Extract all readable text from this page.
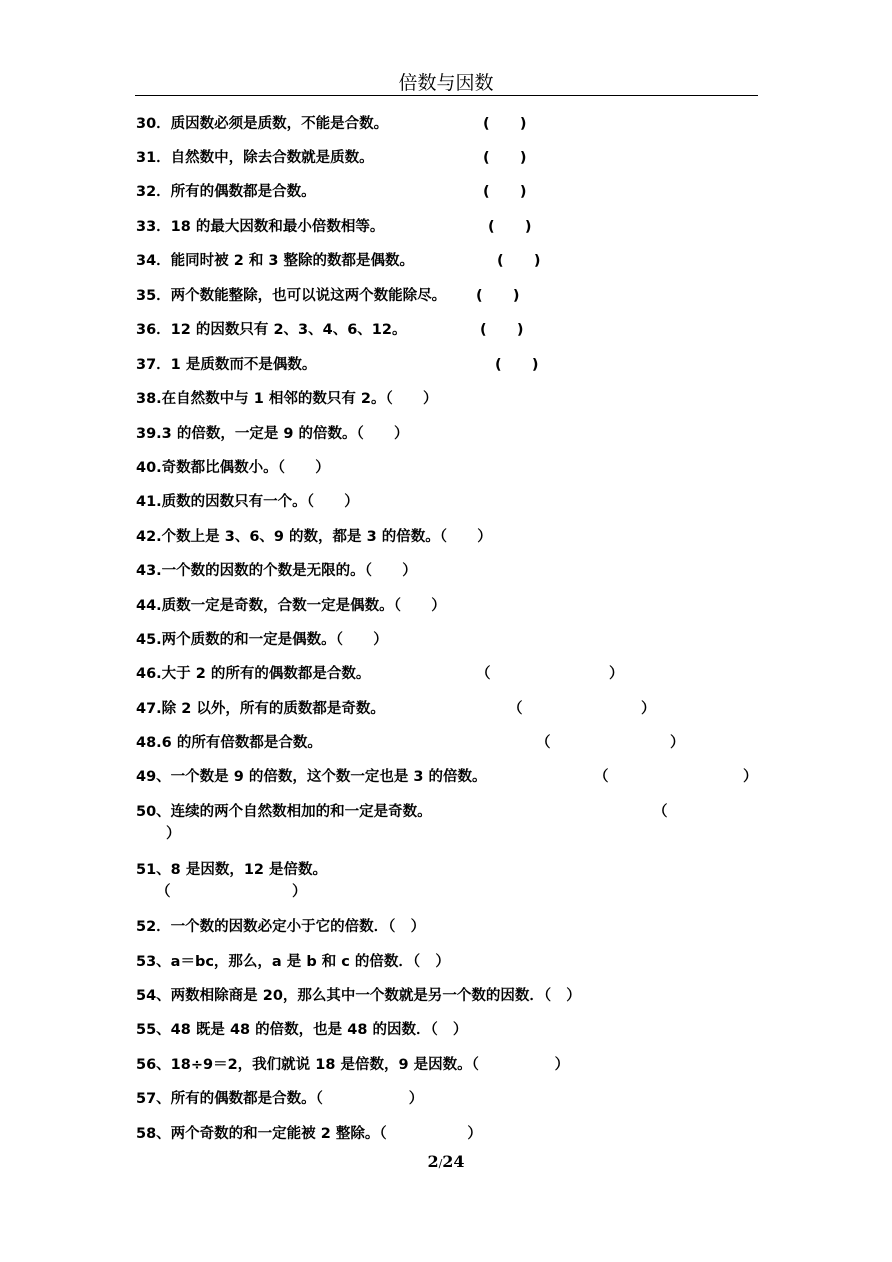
倍数与因数
30．质因数必须是质数，不能是合数。	(      )
31．自然数中，除去合数就是质数。	(      )
32．所有的偶数都是合数。	(      )
33．18 的最大因数和最小倍数相等。	(      )
34．能同时被 2 和 3 整除的数都是偶数。	(      )
35．两个数能整除，也可以说这两个数能除尽。 (      )
36．12 的因数只有 2、3、4、6、12。	(      )
37．1 是质数而不是偶数。	(      )
38.在自然数中与 1 相邻的数只有 2。（      ）
39.3 的倍数，一定是 9 的倍数。（      ）
40.奇数都比偶数小。（      ）
41.质数的因数只有一个。（      ）
42.个数上是 3、6、9 的数，都是 3 的倍数。（      ）
43.一个数的因数的个数是无限的。（      ）
44.质数一定是奇数，合数一定是偶数。（      ）
45.两个质数的和一定是偶数。（      ）
46.大于 2 的所有的偶数都是合数。	（	）
47.除 2 以外，所有的质数都是奇数。	（	）
48.6 的所有倍数都是合数。	（	）
49、一个数是 9 的倍数，这个数一定也是 3 的倍数。	（	）
50、连续的两个自然数相加的和一定是奇数。	（
）
51、8 是因数，12 是倍数。
（	）
52．一个数的因数必定小于它的倍数．（   ）
53、a＝bc，那么，a 是 b 和 c 的倍数．（   ）
54、两数相除商是 20，那么其中一个数就是另一个数的因数．（   ）
55、48 既是 48 的倍数，也是 48 的因数．（   ）
56、18÷9＝2，我们就说 18 是倍数，9 是因数。（               ）
57、所有的偶数都是合数。（                 ）
58、两个奇数的和一定能被 2 整除。（                ）
2/24
